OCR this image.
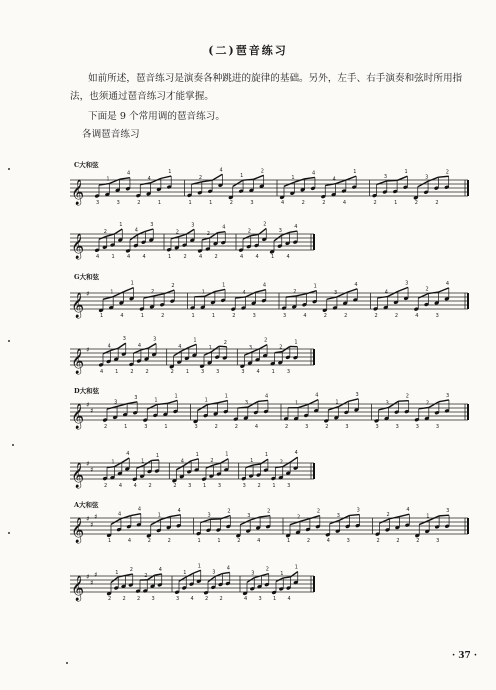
(二)琶音练习
如前所述，琶音练习是演奏各种跳进的旋律的基础。另外，左手、右手演奏和弦时所用指法，也须通过琶音练习才能掌握。
下面是 9 个常用调的琶音练习。
各调琶音练习
C大和弦
G大和弦
D大和弦
A大和弦
𝄞 3
1
3
4
2
4
1
1
1
2
1
4
2
1
3
2
4
1
2
4
2
4
4
1
2
3
1
1
2
3
2
2
𝄞 4
2
1
1
4
4
4
3
1
2
2
3
4
2
2
4
4
2
4
2
1
3
4
4
𝄞 ♯
1
1
4
1
1
2
2
2
1
1
1
1
2
4
3
4
3
2
4
1
2
3
2
4
2
4
2
3
4
2
3
4
𝄞 ♯
4
4
1
3
2
4
2
3
2
4
1
1
3
1
3
2
3
3
4
2
1
2
3
1
𝄞 ♯
♯
2
3
1
3
3
1
1
1
3
1
2
1
2
3
4
4
2
1
3
4
2
1
3
3
3
3
3
2
3
2
3
3
𝄞 ♯
♯
2
1
4
4
4
1
2
1
2
4
3
1
1
2
3
1
3
1
2
1
1
2
3
4
𝄞 ♯
♯
♯
1
4
4
4
2
1
2
4
1
3
1
2
2
3
4
2
1
2
2
2
4
3
3
3
2
2
2
4
2
1
3
3
𝄞 ♯
♯
♯
2
1
2
2
2
2
3
4
3
1
4
1
2
3
2
4
4
3
3
2
1
1
4
1
· 37 ·
